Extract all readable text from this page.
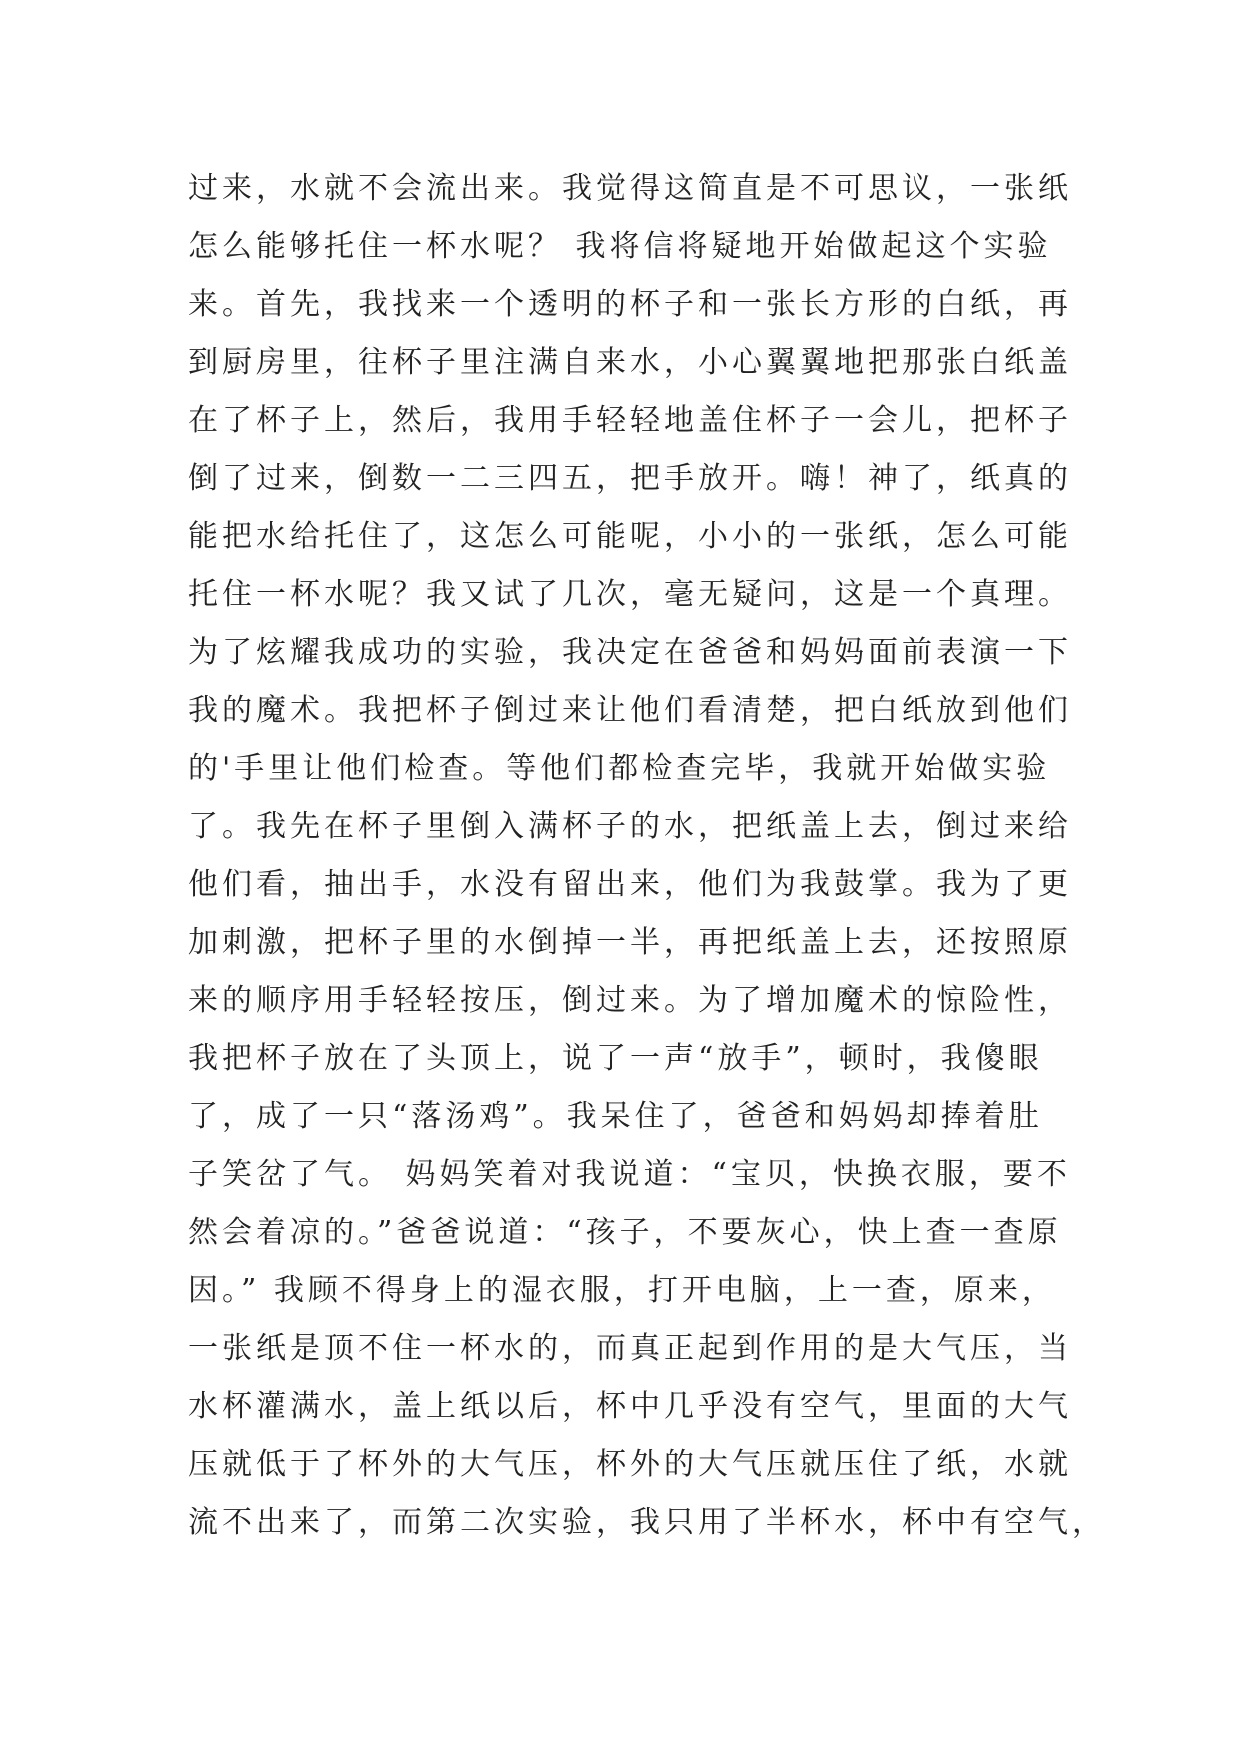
过来，水就不会流出来。我觉得这简直是不可思议，一张纸
怎么能够托住一杯水呢？ 我将信将疑地开始做起这个实验
来。首先，我找来一个透明的杯子和一张长方形的白纸，再
到厨房里，往杯子里注满自来水，小心翼翼地把那张白纸盖
在了杯子上，然后，我用手轻轻地盖住杯子一会儿，把杯子
倒了过来，倒数一二三四五，把手放开。嗨！神了，纸真的
能把水给托住了，这怎么可能呢，小小的一张纸，怎么可能
托住一杯水呢？我又试了几次，毫无疑问，这是一个真理。
为了炫耀我成功的实验，我决定在爸爸和妈妈面前表演一下
我的魔术。我把杯子倒过来让他们看清楚，把白纸放到他们
的'手里让他们检查。等他们都检查完毕，我就开始做实验
了。我先在杯子里倒入满杯子的水，把纸盖上去，倒过来给
他们看，抽出手，水没有留出来，他们为我鼓掌。我为了更
加刺激，把杯子里的水倒掉一半，再把纸盖上去，还按照原
来的顺序用手轻轻按压，倒过来。为了增加魔术的惊险性，
我把杯子放在了头顶上，说了一声“放手”，顿时，我傻眼
了，成了一只“落汤鸡”。我呆住了，爸爸和妈妈却捧着肚
子笑岔了气。 妈妈笑着对我说道：“宝贝，快换衣服，要不
然会着凉的。”爸爸说道：“孩子，不要灰心，快上查一查原
因。” 我顾不得身上的湿衣服，打开电脑，上一查，原来，
一张纸是顶不住一杯水的，而真正起到作用的是大气压，当
水杯灌满水，盖上纸以后，杯中几乎没有空气，里面的大气
压就低于了杯外的大气压，杯外的大气压就压住了纸，水就
流不出来了，而第二次实验，我只用了半杯水，杯中有空气，
